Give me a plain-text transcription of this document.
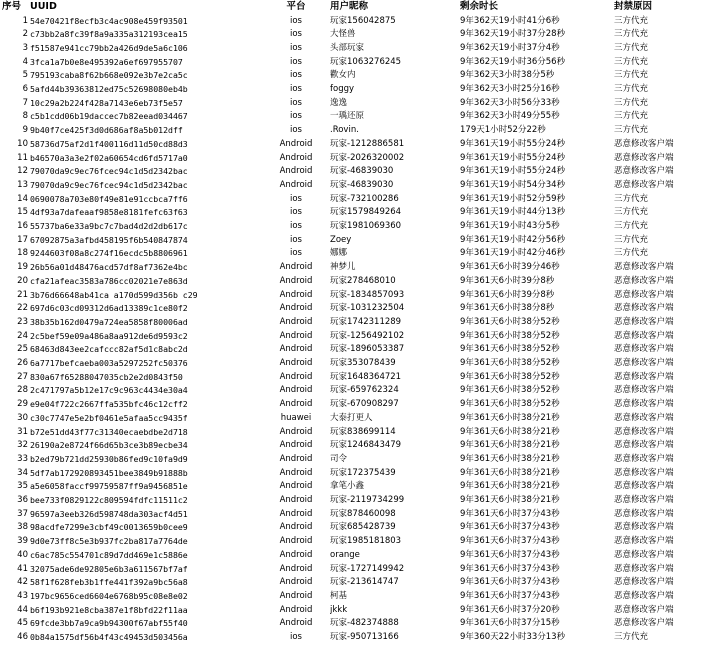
序号 UUID	平台	用户昵称	剩余时长	封禁原因
1 54e70421f8ecfb3c4ac908e459f93501	ios	玩家156042875	9年362天19小时41分6秒	三方代充
2 c73bb2a8fc39f8a9a335a312193cea15	ios	大怪兽	9年362天19小时37分28秒	三方代充
3 f51587e941cc79bb2a426d9de5a6c106	ios	头部玩家	9年362天19小时37分4秒	三方代充
4 3fca1a7b0e8e495392a6ef697955707	ios	玩家1063276245	9年362天19小时36分56秒	三方代充
5 795193caba8f62b668e092e3b7e2ca5c	ios	歡女内	9年362天3小时38分5秒	三方代充
6 5afd44b39363812ed75c52698080eb4b	ios	foggy	9年362天3小时25分16秒	三方代充
7 10c29a2b224f428a7143e6eb73f5e57	ios	逸逸	9年362天3小时56分33秒	三方代充
8 c5b1cdd06b19daccec7b82eead034467	ios	一瑀还原	9年362天3小时49分55秒	三方代充
9 9b40f7ce425f3d0d686af8a5b012dff	ios	.Rovin.	179天1小时52分22秒	三方代充
10 58736d75af2d1f400116d11d50cd88d3	Android	玩家-1212886581	9年361天19小时55分24秒	恶意修改客户端
11 b46570a3a3e2f02a60654cd6fd5717a0	Android	玩家-2026320002	9年361天19小时55分24秒	恶意修改客户端
12 79070da9c9ec76fcec94c1d5d2342bac	Android	玩家-46839030	9年361天19小时55分24秒	恶意修改客户端
13 79070da9c9ec76fcec94c1d5d2342bac	Android	玩家-46839030	9年361天19小时54分34秒	恶意修改客户端
14 0690078a703e80f49e81e91ccbca7ff6	ios	玩家-732100286	9年361天19小时52分59秒	三方代充
15 4df93a7dafeaaf9858e8181fefc63f63	ios	玩家1579849264	9年361天19小时44分13秒	三方代充
16 55737ba6e33a9bc7c7bad4d2d2db617c	ios	玩家1981069360	9年361天19小时43分5秒	三方代充
17 67092875a3afbd458195f6b540847874	ios	Zoey	9年361天19小时42分56秒	三方代充
18 9244603f08a8c274f16ecdc5b8806961	ios	娜娜	9年361天19小时42分46秒	三方代充
19 26b56a01d48476acd57df8af7362e4bc	Android	神梦儿	9年361天6小时39分46秒	恶意修改客户端
20 cfa21afeac3583a786cc02021e7e863d	Android	玩家278468010	9年361天6小时39分8秒	恶意修改客户端
21 3b76d66648ab41ca a170d599d356b c29	Android	玩家-1834857093	9年361天6小时39分8秒	恶意修改客户端
22 697d6c03cd09312d6ad13389c1ce80f2	Android	玩家-1031232504	9年361天6小时38分8秒	恶意修改客户端
23 38b35b162d0479a724ea5858f80006ad	Android	玩家1742311289	9年361天6小时38分52秒	恶意修改客户端
24 2c5bef59e09a486a8aa912de6d9593c2	Android	玩家-1256492102	9年361天6小时38分52秒	恶意修改客户端
25 68463d843ee2cafccc82af5d1c8abc2d	Android	玩家-1896053387	9年361天6小时38分52秒	恶意修改客户端
26 6a7717befcaeba003a5297252fc50376	Android	玩家353078439	9年361天6小时38分52秒	恶意修改客户端
27 830a67f65288047035cb2e2d0843f50	Android	玩家1648364721	9年361天6小时38分52秒	恶意修改客户端
28 2c471797a5b12e17c9c963c4434e30a4	Android	玩家-659762324	9年361天6小时38分52秒	恶意修改客户端
29 e9e04f722c2667ffa535bfc46c12cff2	Android	玩家-670908297	9年361天6小时38分52秒	恶意修改客户端
30 c30c7747e5e2bf0461e5afaa5cc9435f	huawei	大泰打更人	9年361天6小时38分21秒	恶意修改客户端
31 b72e51dd43f77c31340ecaebdbe2d718	Android	玩家838699114	9年361天6小时38分21秒	恶意修改客户端
32 26190a2e8724f66d65b3ce3b89ecbe34	Android	玩家1246843479	9年361天6小时38分21秒	恶意修改客户端
33 b2ed79b721dd25930b86fed9c10fa9d9	Android	司令	9年361天6小时38分21秒	恶意修改客户端
34 5df7ab172920893451bee3849b91888b	Android	玩家172375439	9年361天6小时38分21秒	恶意修改客户端
35 a5e6058faccf99759587ff9a9456851e	Android	拿笔小鑫	9年361天6小时38分21秒	恶意修改客户端
36 bee733f0829122c809594fdfc11511c2	Android	玩家-2119734299	9年361天6小时38分21秒	恶意修改客户端
37 96597a3eeb326d598748da303acf4d51	Android	玩家878460098	9年361天6小时37分43秒	恶意修改客户端
38 98acdfe7299e3cbf49c0013659b0cee9	Android	玩家685428739	9年361天6小时37分43秒	恶意修改客户端
39 9d0e73ff8c5e3b937fc2ba817a7764de	Android	玩家1985181803	9年361天6小时37分43秒	恶意修改客户端
40 c6ac785c554701c89d7dd469e1c5886e	Android	orange	9年361天6小时37分43秒	恶意修改客户端
41 32075ade6de92805e6b3a611567bf7af	Android	玩家-1727149942	9年361天6小时37分43秒	恶意修改客户端
42 58f1f628feb3b1ffe441f392a9bc56a8	Android	玩家-213614747	9年361天6小时37分43秒	恶意修改客户端
43 197bc9656ced6604e6768b95c08e8e02	Android	柯基	9年361天6小时37分43秒	恶意修改客户端
44 b6f193b921e8cba387e1f8bfd22f11aa	Android	jkkk	9年361天6小时37分20秒	恶意修改客户端
45 69fcde3bb7a9ca9b94300f67abf55f40	Android	玩家-482374888	9年361天6小时37分15秒	恶意修改客户端
46 0b84a1575df56b4f43c49453d503456a	ios	玩家-950713166	9年360天22小时33分13秒	三方代充
